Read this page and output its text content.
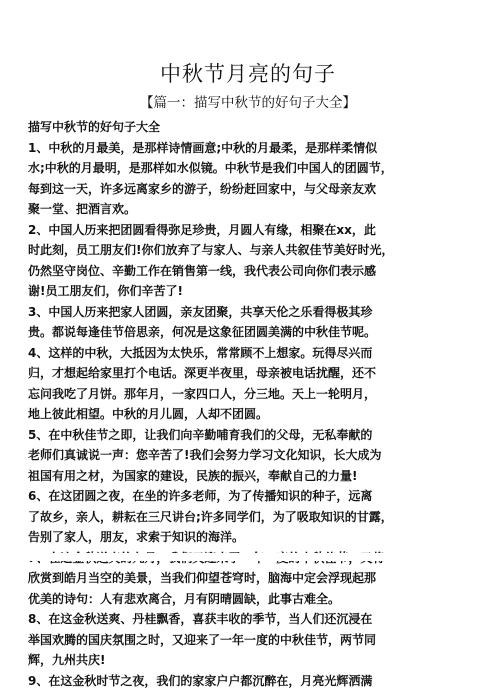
中秋节月亮的句子
【篇一：描写中秋节的好句子大全】
描写中秋节的好句子大全
1、中秋的月最美，是那样诗情画意;中秋的月最柔，是那样柔情似
水;中秋的月最明，是那样如水似镜。中秋节是我们中国人的团圆节，
每到这一天，许多远离家乡的游子，纷纷赶回家中，与父母亲友欢
聚一堂、把酒言欢。
2、中国人历来把团圆看得弥足珍贵，月圆人有缘，相聚在xx，此
时此刻，员工朋友们!你们放弃了与家人、与亲人共叙佳节美好时光，
仍然坚守岗位、辛勤工作在销售第一线，我代表公司向你们表示感
谢!员工朋友们，你们辛苦了!
3、中国人历来把家人团圆，亲友团聚，共享天伦之乐看得极其珍
贵。都说每逢佳节倍思亲，何况是这象征团圆美满的中秋佳节呢。
4、这样的中秋，大抵因为太快乐，常常顾不上想家。玩得尽兴而
归，才想起给家里打个电话。深更半夜里，母亲被电话扰醒，还不
忘问我吃了月饼。那年月，一家四口人，分三地。天上一轮明月，
地上彼此相望。中秋的月儿圆，人却不团圆。
5、在中秋佳节之即，让我们向辛勤哺育我们的父母，无私奉献的
老师们真诚说一声：您辛苦了!我们会努力学习文化知识，长大成为
祖国有用之材，为国家的建设，民族的振兴，奉献自己的力量!
6、在这团圆之夜，在坐的许多老师，为了传播知识的种子，远离
了故乡，亲人，耕耘在三尺讲台;许多同学们，为了吸取知识的甘露，
告别了家人，朋友，求索于知识的海洋。
欣赏到皓月当空的美景，当我们仰望苍穹时，脑海中定会浮现起那
优美的诗句：人有悲欢离合，月有阴晴圆缺，此事古难全。
8、在这金秋送爽、丹桂飘香，喜获丰收的季节，当人们还沉浸在
举国欢腾的国庆氛围之时，又迎来了一年一度的中秋佳节，两节同
辉，九州共庆!
9、在这金秋时节之夜，我们的家家户户都沉醉在，月亮光辉洒满
